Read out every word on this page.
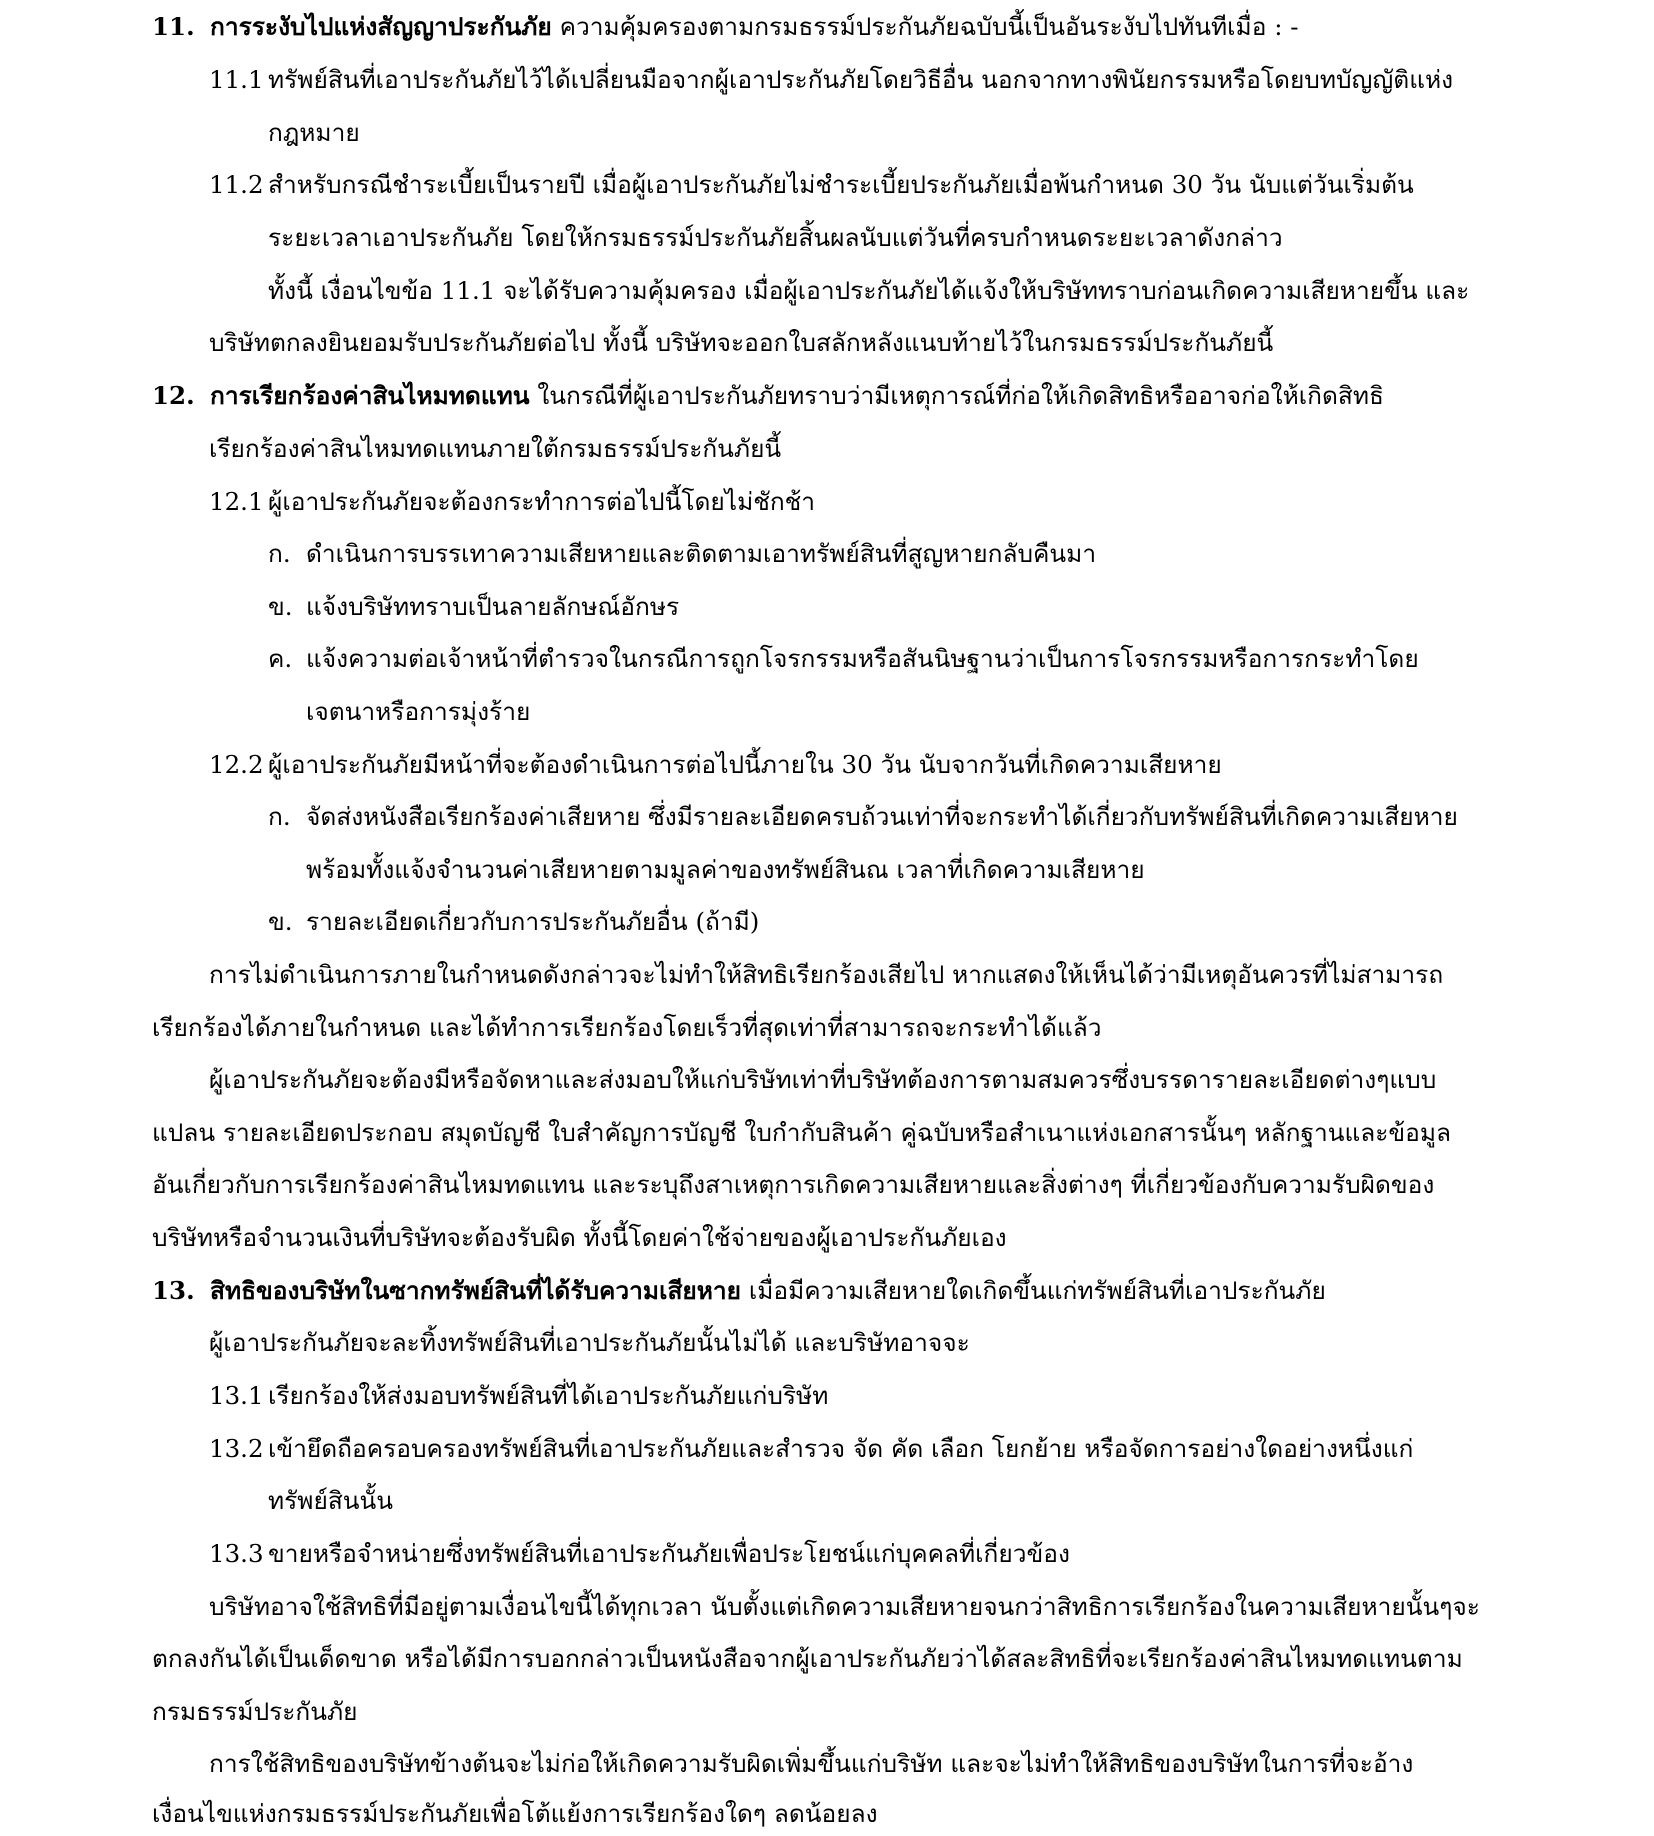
11. การระงับไปแห่งสัญญาประกันภัย ความคุ้มครองตามกรมธรรม์ประกันภัยฉบับนี้เป็นอันระงับไปทันทีเมื่อ : -
11.1 ทรัพย์สินที่เอาประกันภัยไว้ได้เปลี่ยนมือจากผู้เอาประกันภัยโดยวิธีอื่น นอกจากทางพินัยกรรมหรือโดยบทบัญญัติแห่ง
กฎหมาย
11.2 สำหรับกรณีชำระเบี้ยเป็นรายปี เมื่อผู้เอาประกันภัยไม่ชำระเบี้ยประกันภัยเมื่อพ้นกำหนด 30 วัน นับแต่วันเริ่มต้น
ระยะเวลาเอาประกันภัย โดยให้กรมธรรม์ประกันภัยสิ้นผลนับแต่วันที่ครบกำหนดระยะเวลาดังกล่าว
ทั้งนี้ เงื่อนไขข้อ 11.1 จะได้รับความคุ้มครอง เมื่อผู้เอาประกันภัยได้แจ้งให้บริษัททราบก่อนเกิดความเสียหายขึ้น และ
บริษัทตกลงยินยอมรับประกันภัยต่อไป ทั้งนี้ บริษัทจะออกใบสลักหลังแนบท้ายไว้ในกรมธรรม์ประกันภัยนี้
12. การเรียกร้องค่าสินไหมทดแทน ในกรณีที่ผู้เอาประกันภัยทราบว่ามีเหตุการณ์ที่ก่อให้เกิดสิทธิหรืออาจก่อให้เกิดสิทธิ
เรียกร้องค่าสินไหมทดแทนภายใต้กรมธรรม์ประกันภัยนี้
12.1 ผู้เอาประกันภัยจะต้องกระทำการต่อไปนี้โดยไม่ชักช้า
ก. ดำเนินการบรรเทาความเสียหายและติดตามเอาทรัพย์สินที่สูญหายกลับคืนมา
ข. แจ้งบริษัททราบเป็นลายลักษณ์อักษร
ค. แจ้งความต่อเจ้าหน้าที่ตำรวจในกรณีการถูกโจรกรรมหรือสันนิษฐานว่าเป็นการโจรกรรมหรือการกระทำโดย
เจตนาหรือการมุ่งร้าย
12.2 ผู้เอาประกันภัยมีหน้าที่จะต้องดำเนินการต่อไปนี้ภายใน 30 วัน นับจากวันที่เกิดความเสียหาย
ก. จัดส่งหนังสือเรียกร้องค่าเสียหาย ซึ่งมีรายละเอียดครบถ้วนเท่าที่จะกระทำได้เกี่ยวกับทรัพย์สินที่เกิดความเสียหาย
พร้อมทั้งแจ้งจำนวนค่าเสียหายตามมูลค่าของทรัพย์สินณ เวลาที่เกิดความเสียหาย
ข. รายละเอียดเกี่ยวกับการประกันภัยอื่น (ถ้ามี)
การไม่ดำเนินการภายในกำหนดดังกล่าวจะไม่ทำให้สิทธิเรียกร้องเสียไป หากแสดงให้เห็นได้ว่ามีเหตุอันควรที่ไม่สามารถ
เรียกร้องได้ภายในกำหนด และได้ทำการเรียกร้องโดยเร็วที่สุดเท่าที่สามารถจะกระทำได้แล้ว
ผู้เอาประกันภัยจะต้องมีหรือจัดหาและส่งมอบให้แก่บริษัทเท่าที่บริษัทต้องการตามสมควรซึ่งบรรดารายละเอียดต่างๆแบบ
แปลน รายละเอียดประกอบ สมุดบัญชี ใบสำคัญการบัญชี ใบกำกับสินค้า คู่ฉบับหรือสำเนาแห่งเอกสารนั้นๆ หลักฐานและข้อมูล
อันเกี่ยวกับการเรียกร้องค่าสินไหมทดแทน และระบุถึงสาเหตุการเกิดความเสียหายและสิ่งต่างๆ ที่เกี่ยวข้องกับความรับผิดของ
บริษัทหรือจำนวนเงินที่บริษัทจะต้องรับผิด ทั้งนี้โดยค่าใช้จ่ายของผู้เอาประกันภัยเอง
13. สิทธิของบริษัทในซากทรัพย์สินที่ได้รับความเสียหาย เมื่อมีความเสียหายใดเกิดขึ้นแก่ทรัพย์สินที่เอาประกันภัย
ผู้เอาประกันภัยจะละทิ้งทรัพย์สินที่เอาประกันภัยนั้นไม่ได้ และบริษัทอาจจะ
13.1 เรียกร้องให้ส่งมอบทรัพย์สินที่ได้เอาประกันภัยแก่บริษัท
13.2 เข้ายึดถือครอบครองทรัพย์สินที่เอาประกันภัยและสำรวจ จัด คัด เลือก โยกย้าย หรือจัดการอย่างใดอย่างหนึ่งแก่
ทรัพย์สินนั้น
13.3 ขายหรือจำหน่ายซึ่งทรัพย์สินที่เอาประกันภัยเพื่อประโยชน์แก่บุคคลที่เกี่ยวข้อง
บริษัทอาจใช้สิทธิที่มีอยู่ตามเงื่อนไขนี้ได้ทุกเวลา นับตั้งแต่เกิดความเสียหายจนกว่าสิทธิการเรียกร้องในความเสียหายนั้นๆจะ
ตกลงกันได้เป็นเด็ดขาด หรือได้มีการบอกกล่าวเป็นหนังสือจากผู้เอาประกันภัยว่าได้สละสิทธิที่จะเรียกร้องค่าสินไหมทดแทนตาม
กรมธรรม์ประกันภัย
การใช้สิทธิของบริษัทข้างต้นจะไม่ก่อให้เกิดความรับผิดเพิ่มขึ้นแก่บริษัท และจะไม่ทำให้สิทธิของบริษัทในการที่จะอ้าง
เงื่อนไขแห่งกรมธรรม์ประกันภัยเพื่อโต้แย้งการเรียกร้องใดๆ ลดน้อยลง
